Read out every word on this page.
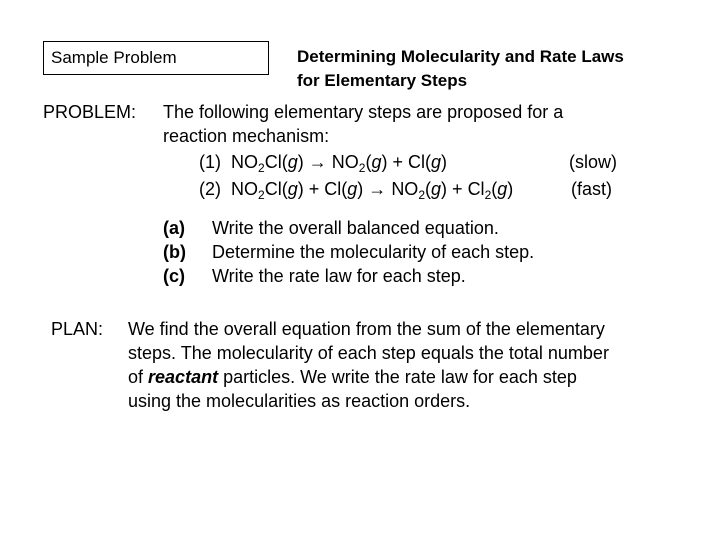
Sample Problem	Determining Molecularity and Rate Laws
for Elementary Steps
PROBLEM: The following elementary steps are proposed for a
reaction mechanism:
(1) $NO_2Cl(g) \to NO_2(g) + Cl(g)$	(slow)
(2) $NO_2Cl(g) + Cl(g) \to NO_2(g) + Cl_2(g)$	(fast)
(a) Write the overall balanced equation.
(b) Determine the molecularity of each step.
(c) Write the rate law for each step.
PLAN: We find the overall equation from the sum of the elementary
steps. The molecularity of each step equals the total number
of reactant particles. We write the rate law for each step
using the molecularities as reaction orders.
